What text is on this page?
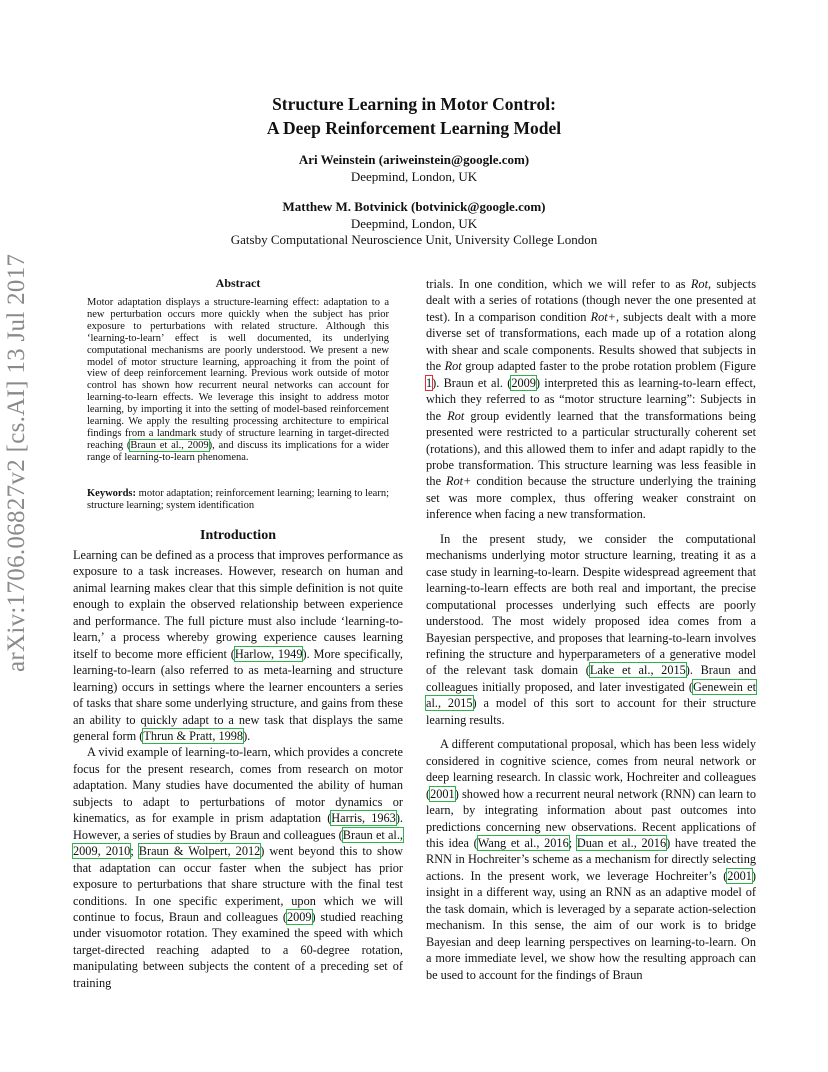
arXiv:1706.06827v2 [cs.AI] 13 Jul 2017
Structure Learning in Motor Control:
A Deep Reinforcement Learning Model
Ari Weinstein (ariweinstein@google.com)
Deepmind, London, UK
Matthew M. Botvinick (botvinick@google.com)
Deepmind, London, UK
Gatsby Computational Neuroscience Unit, University College London
Abstract
Motor adaptation displays a structure-learning effect: adaptation to a new perturbation occurs more quickly when the subject has prior exposure to perturbations with related structure. Although this ‘learning-to-learn’ effect is well documented, its underlying computational mechanisms are poorly understood. We present a new model of motor structure learning, approaching it from the point of view of deep reinforcement learning. Previous work outside of motor control has shown how recurrent neural networks can account for learning-to-learn effects. We leverage this insight to address motor learning, by importing it into the setting of model-based reinforcement learning. We apply the resulting processing architecture to empirical findings from a landmark study of structure learning in target-directed reaching (Braun et al., 2009), and discuss its implications for a wider range of learning-to-learn phenomena.
Keywords: motor adaptation; reinforcement learning; learning to learn; structure learning; system identification
Introduction

Learning can be defined as a process that improves performance as exposure to a task increases. However, research on human and animal learning makes clear that this simple definition is not quite enough to explain the observed relationship between experience and performance. The full picture must also include ‘learning-to-learn,’ a process whereby growing experience causes learning itself to become more efficient (Harlow, 1949). More specifically, learning-to-learn (also referred to as meta-learning and structure learning) occurs in settings where the learner encounters a series of tasks that share some underlying structure, and gains from these an ability to quickly adapt to a new task that displays the same general form (Thrun & Pratt, 1998).

A vivid example of learning-to-learn, which provides a concrete focus for the present research, comes from research on motor adaptation. Many studies have documented the ability of human subjects to adapt to perturbations of motor dynamics or kinematics, as for example in prism adaptation (Harris, 1963). However, a series of studies by Braun and colleagues (Braun et al., 2009, 2010; Braun & Wolpert, 2012) went beyond this to show that adaptation can occur faster when the subject has prior exposure to perturbations that share structure with the final test conditions. In one specific experiment, upon which we will continue to focus, Braun and colleagues (2009) studied reaching under visuomotor rotation. They examined the speed with which target-directed reaching adapted to a 60-degree rotation, manipulating between subjects the content of a preceding set of training

trials. In one condition, which we will refer to as Rot, subjects dealt with a series of rotations (though never the one presented at test). In a comparison condition Rot+, subjects dealt with a more diverse set of transformations, each made up of a rotation along with shear and scale components. Results showed that subjects in the Rot group adapted faster to the probe rotation problem (Figure 1). Braun et al. (2009) interpreted this as learning-to-learn effect, which they referred to as “motor structure learning”: Subjects in the Rot group evidently learned that the transformations being presented were restricted to a particular structurally coherent set (rotations), and this allowed them to infer and adapt rapidly to the probe transformation. This structure learning was less feasible in the Rot+ condition because the structure underlying the training set was more complex, thus offering weaker constraint on inference when facing a new transformation.

In the present study, we consider the computational mechanisms underlying motor structure learning, treating it as a case study in learning-to-learn. Despite widespread agreement that learning-to-learn effects are both real and important, the precise computational processes underlying such effects are poorly understood. The most widely proposed idea comes from a Bayesian perspective, and proposes that learning-to-learn involves refining the structure and hyperparameters of a generative model of the relevant task domain (Lake et al., 2015). Braun and colleagues initially proposed, and later investigated (Genewein et al., 2015) a model of this sort to account for their structure learning results.

A different computational proposal, which has been less widely considered in cognitive science, comes from neural network or deep learning research. In classic work, Hochreiter and colleagues (2001) showed how a recurrent neural network (RNN) can learn to learn, by integrating information about past outcomes into predictions concerning new observations. Recent applications of this idea (Wang et al., 2016; Duan et al., 2016) have treated the RNN in Hochreiter’s scheme as a mechanism for directly selecting actions. In the present work, we leverage Hochreiter’s (2001) insight in a different way, using an RNN as an adaptive model of the task domain, which is leveraged by a separate action-selection mechanism. In this sense, the aim of our work is to bridge Bayesian and deep learning perspectives on learning-to-learn. On a more immediate level, we show how the resulting approach can be used to account for the findings of Braun
